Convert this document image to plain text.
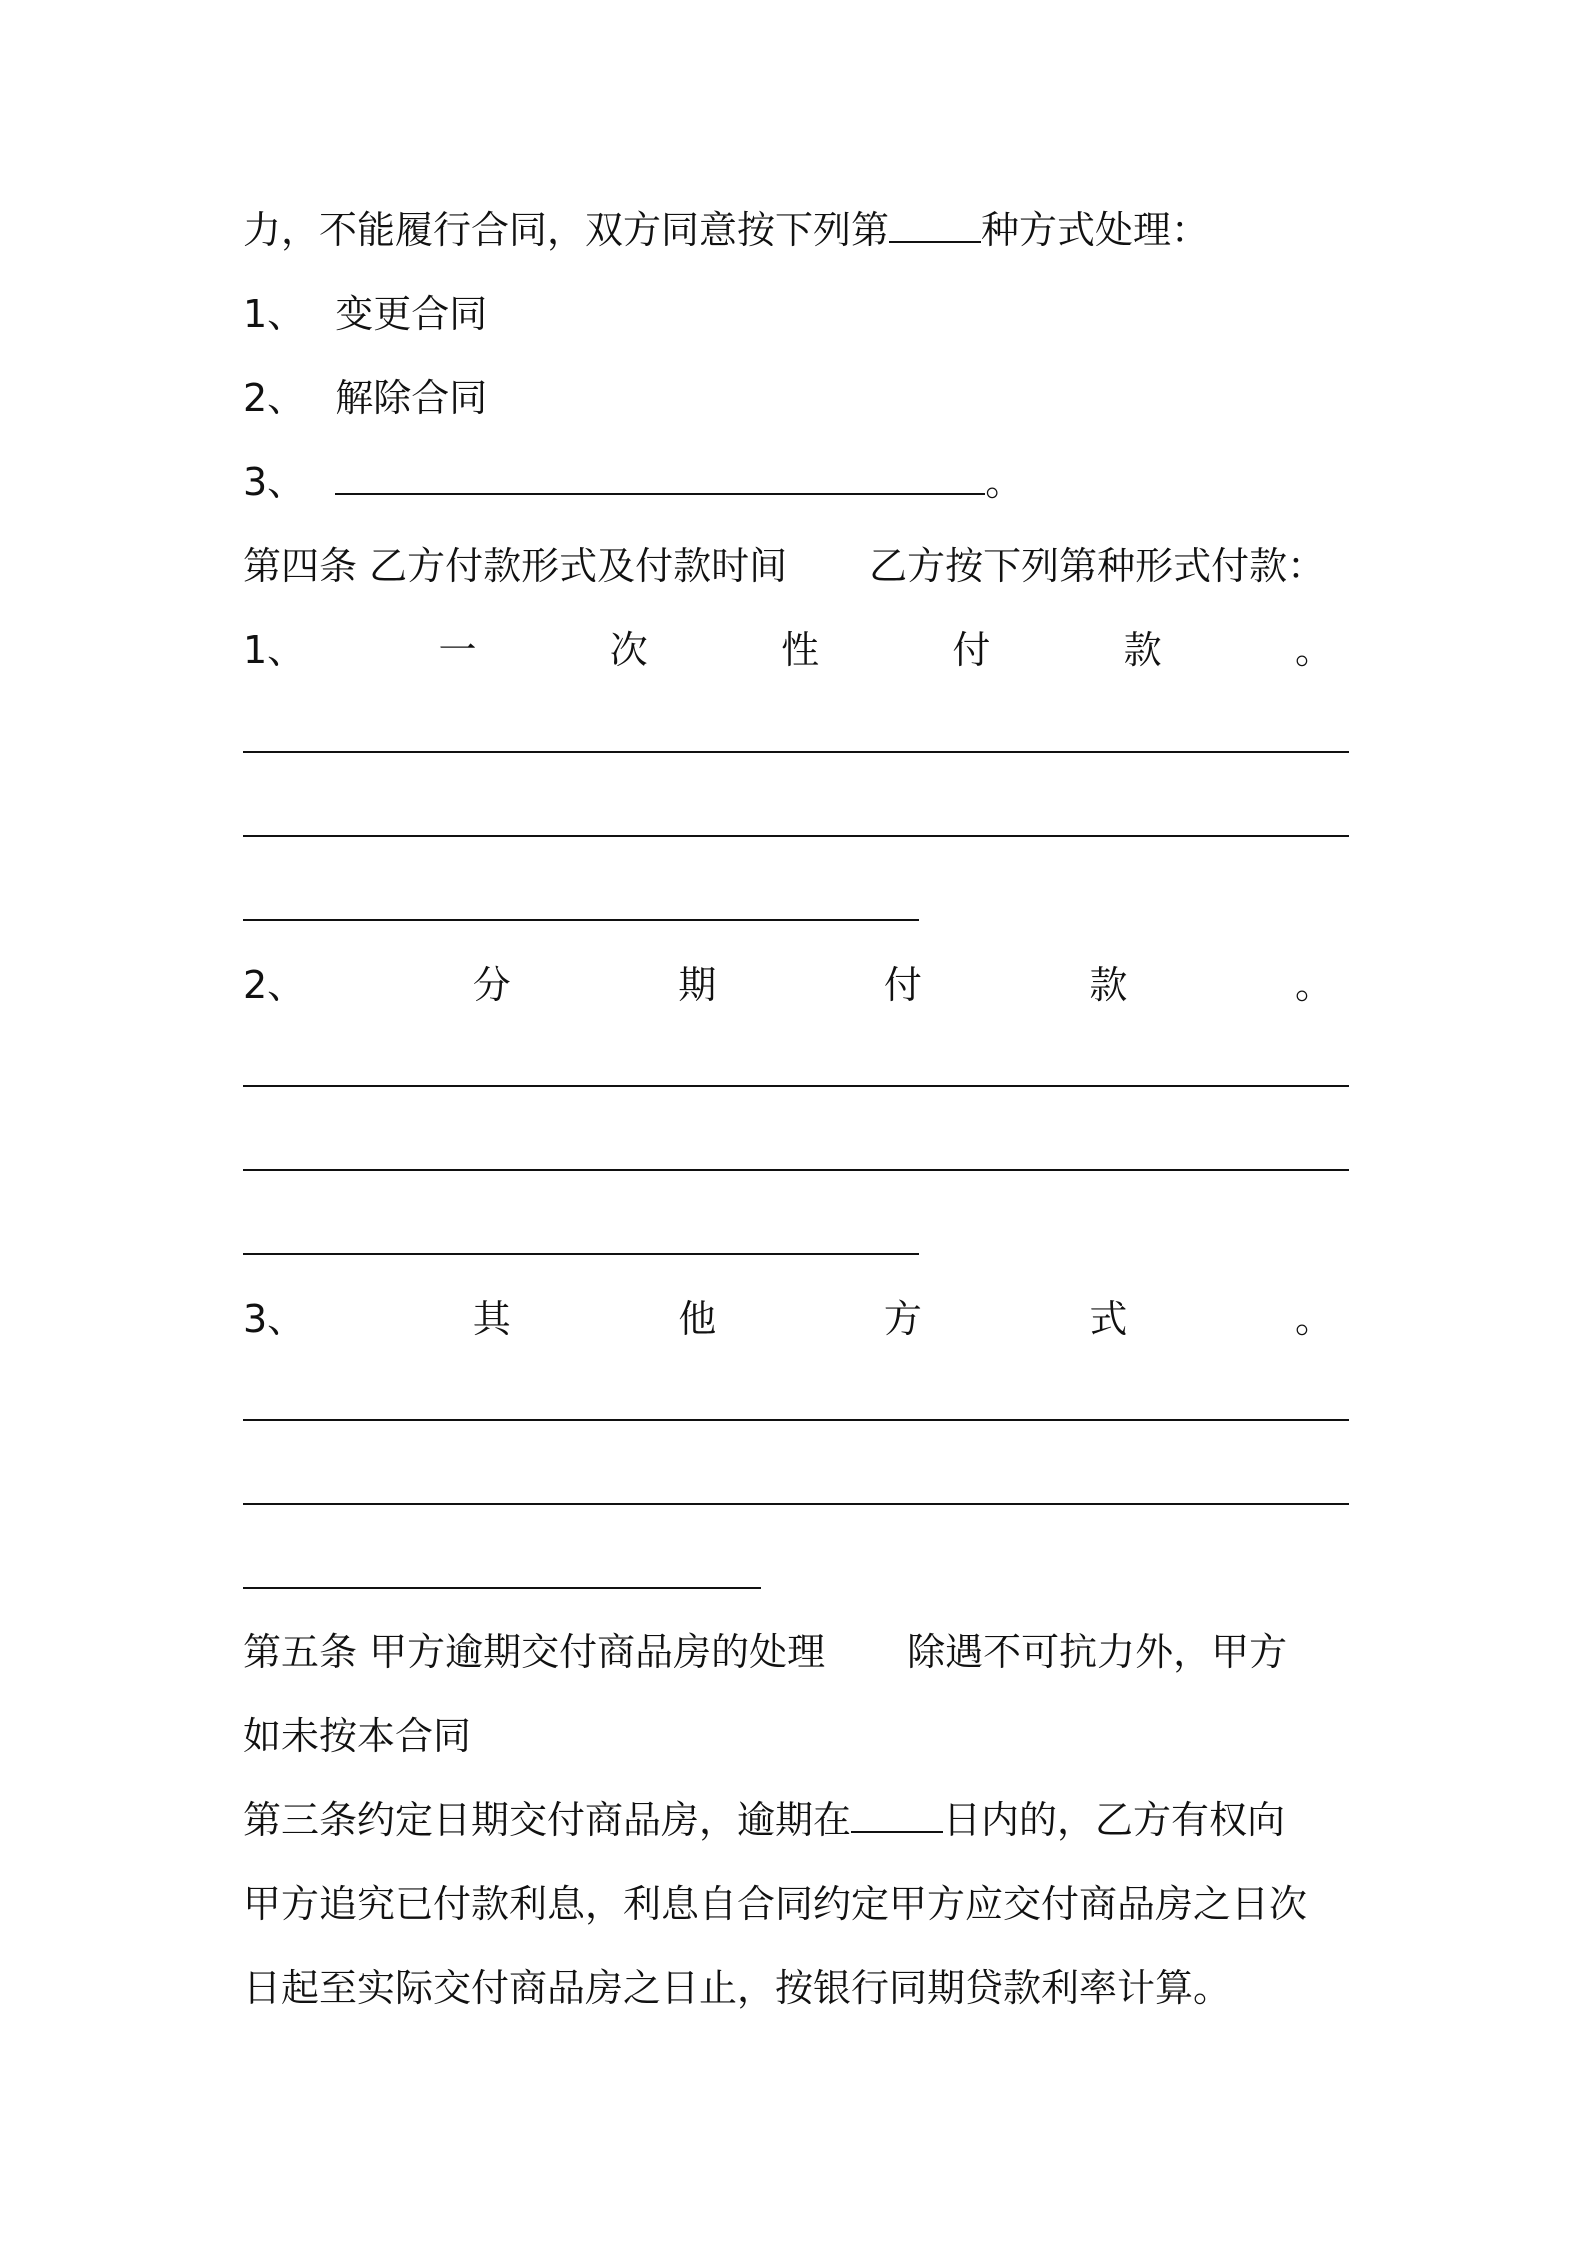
力，不能履行合同，双方同意按下列第 种方式处理：
1、 变更合同
2、 解除合同
3、	。
第四条 乙方付款形式及付款时间 乙方按下列第种形式付款：
1、	一	次	性	付	款	。
2、	分	期	付	款	。
3、	其	他	方	式	。
第五条 甲方逾期交付商品房的处理 除遇不可抗力外，甲方
如未按本合同
第三条约定日期交付商品房，逾期在 日内的，乙方有权向
甲方追究已付款利息，利息自合同约定甲方应交付商品房之日次
日起至实际交付商品房之日止，按银行同期贷款利率计算。
